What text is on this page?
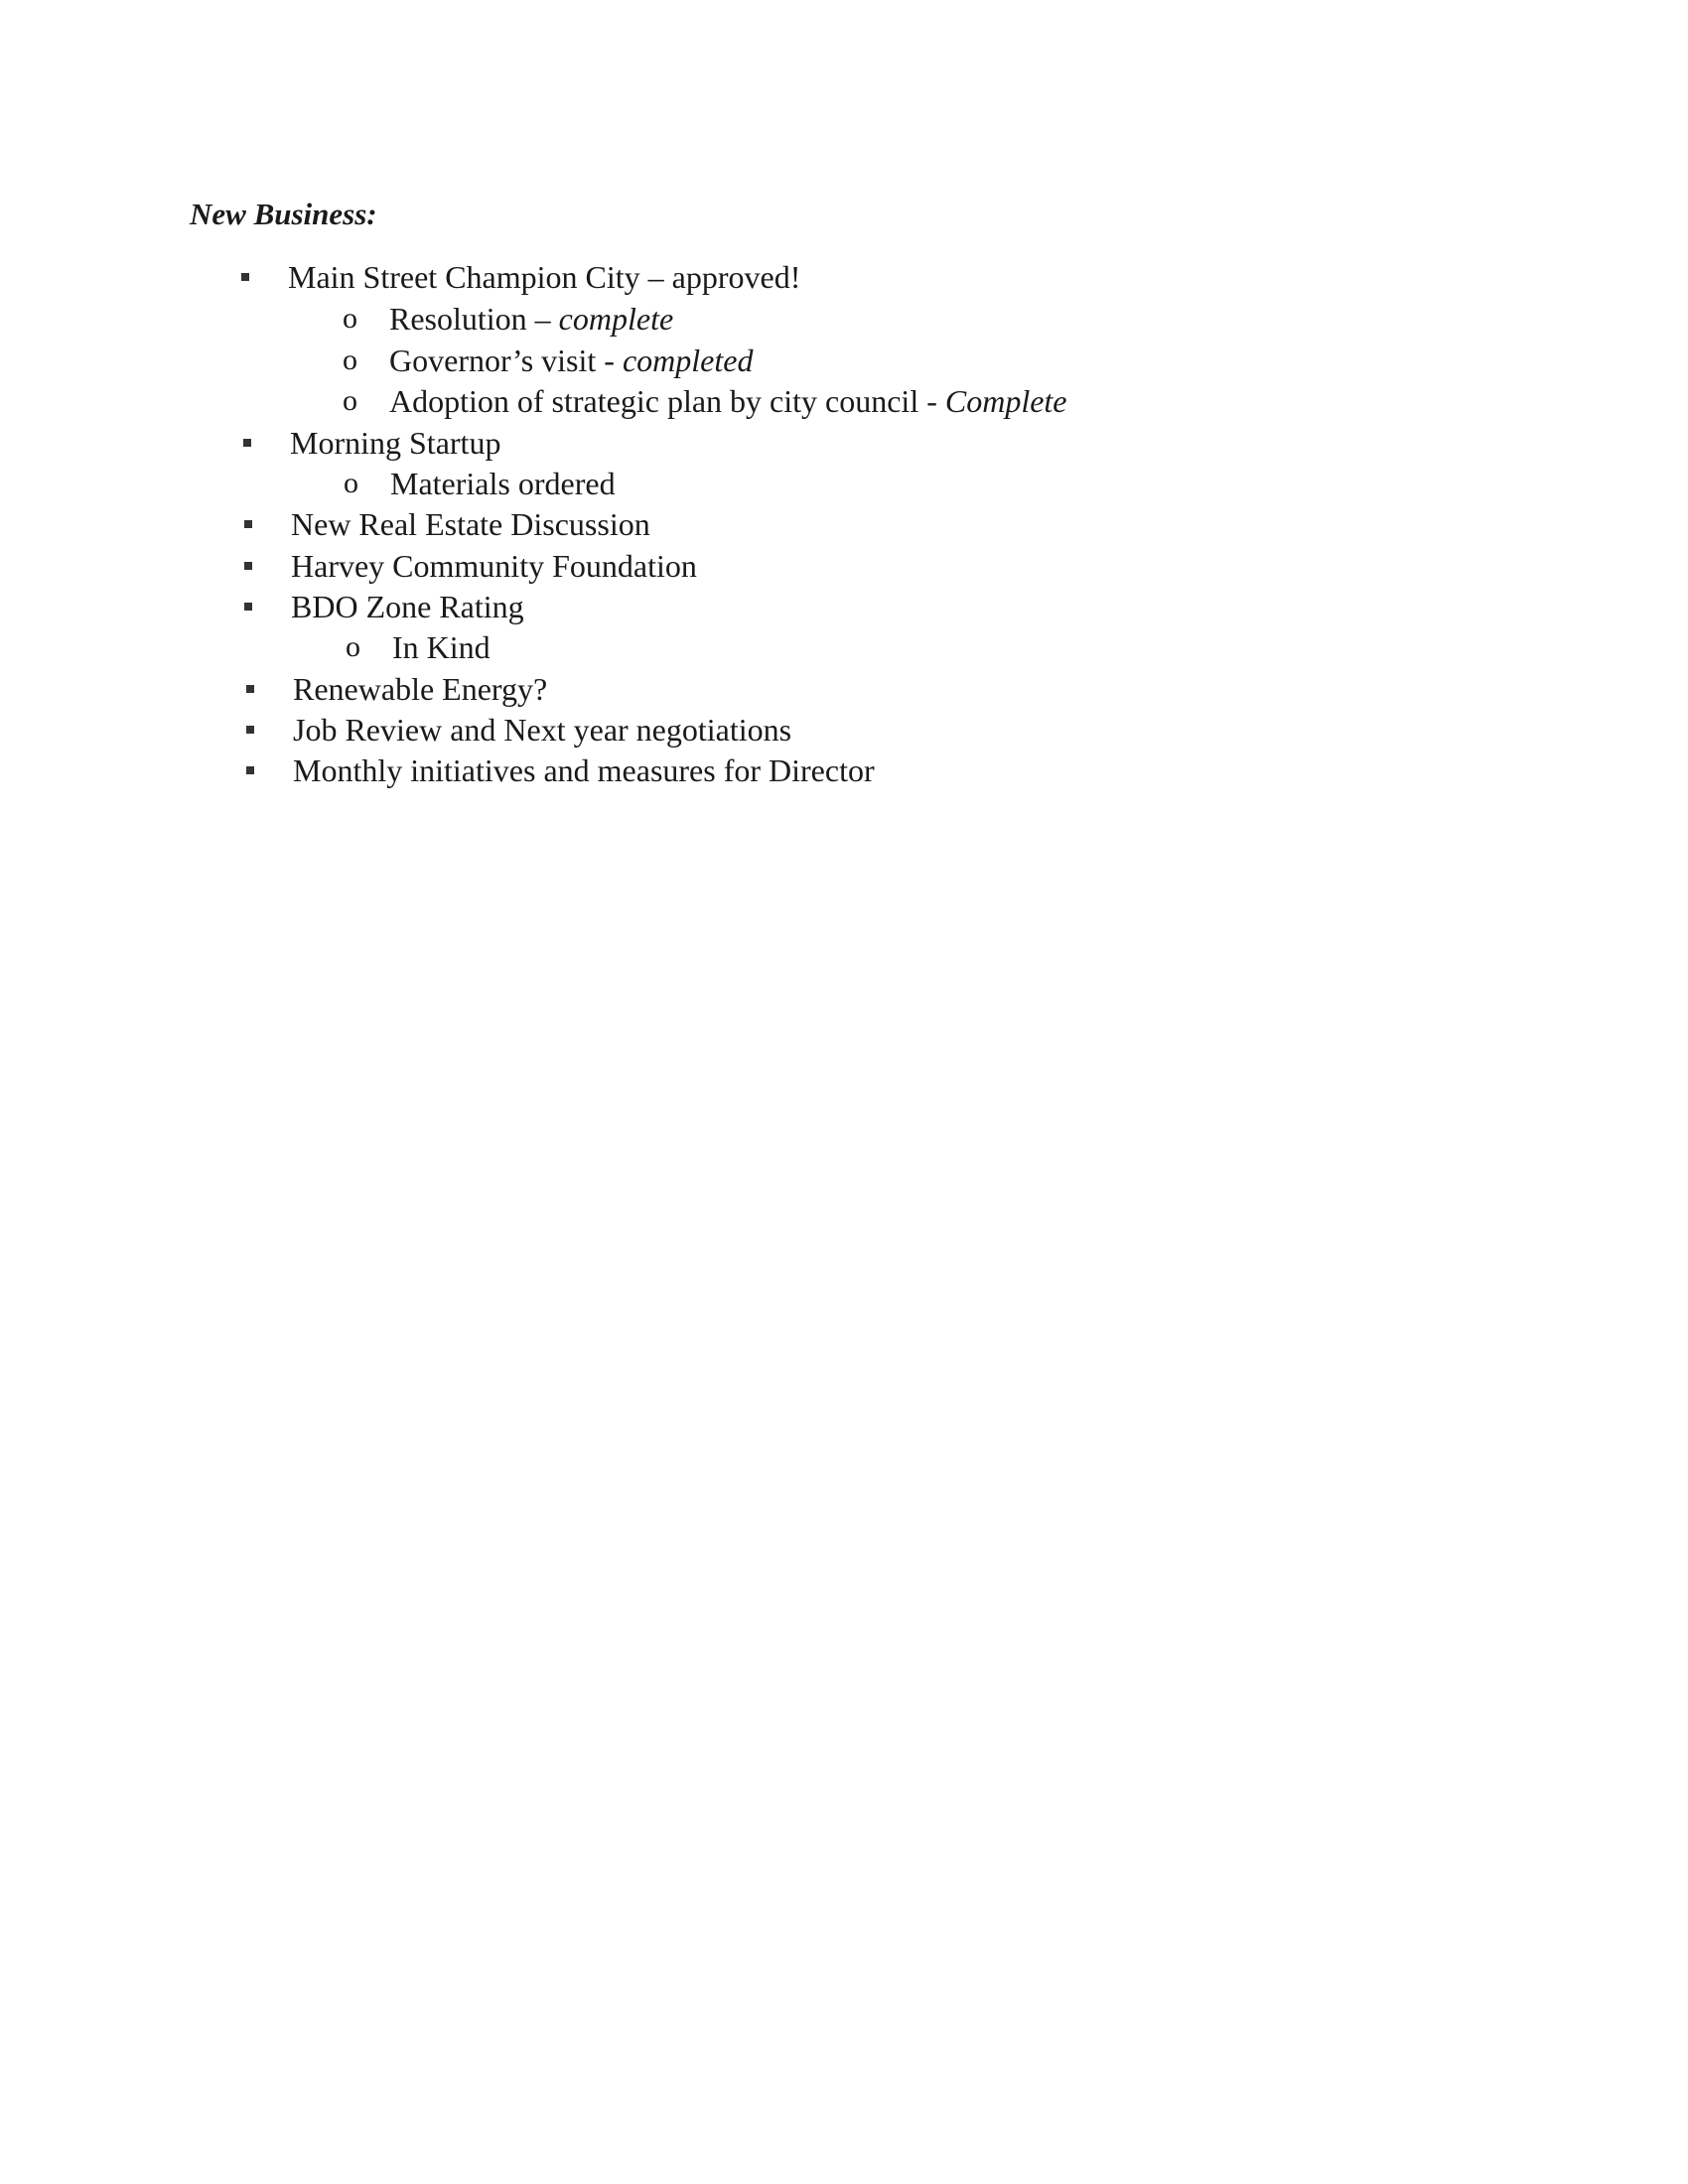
New Business:
Main Street Champion City – approved!
o Resolution – complete
o Governor’s visit - completed
o Adoption of strategic plan by city council - Complete
Morning Startup
o Materials ordered
New Real Estate Discussion
Harvey Community Foundation
BDO Zone Rating
o In Kind
Renewable Energy?
Job Review and Next year negotiations
Monthly initiatives and measures for Director
